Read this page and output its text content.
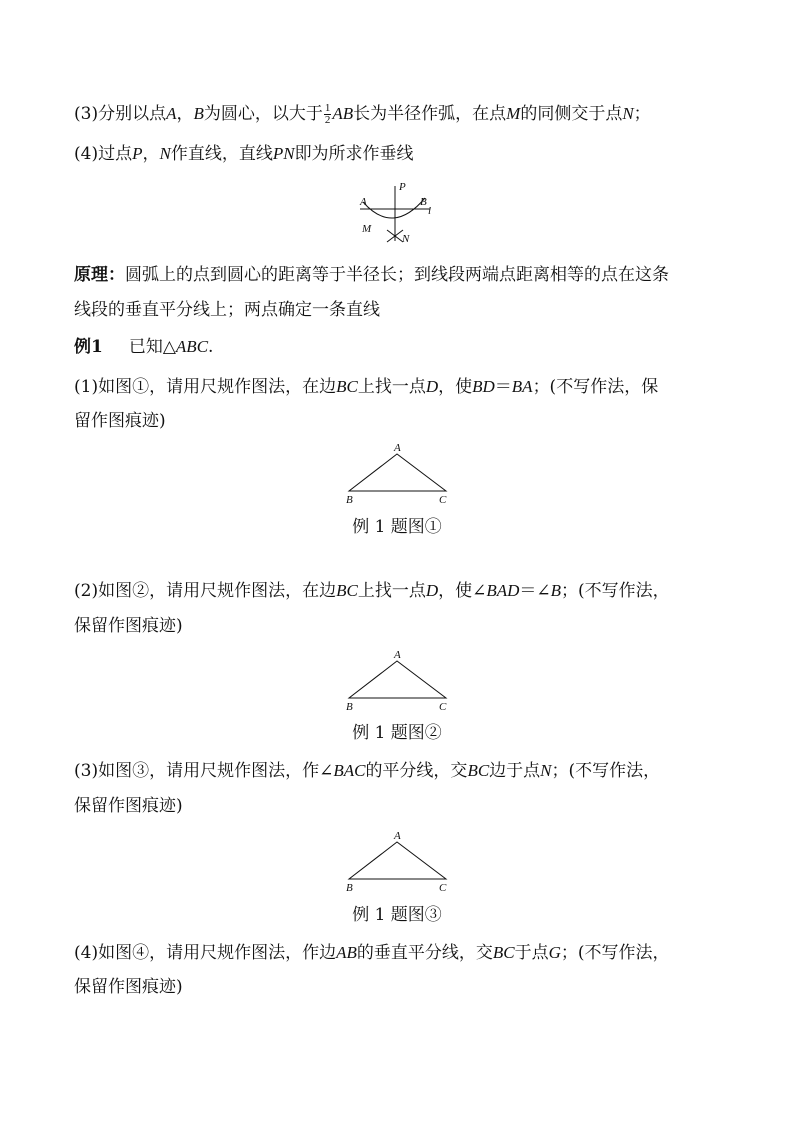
(3)分别以点A，B为圆心，以大于 $\frac{1}{2}$ AB长为半径作弧，在点M的同侧交于点N；
(4)过点P，N作直线，直线PN即为所求作垂线
P
A	B
l
M
N
原理：圆弧上的点到圆心的距离等于半径长；到线段两端点距离相等的点在这条
线段的垂直平分线上；两点确定一条直线
例1 已知△ABC.
(1)如图①，请用尺规作图法，在边BC上找一点D，使BD＝BA；(不写作法，保
留作图痕迹)
A
B	C
例 1 题图①
(2)如图②，请用尺规作图法，在边BC上找一点D，使∠BAD＝∠B；(不写作法，
保留作图痕迹)
A
B	C
例 1 题图②
(3)如图③，请用尺规作图法，作∠BAC的平分线，交BC边于点N；(不写作法，
保留作图痕迹)
A
B	C
例 1 题图③
(4)如图④，请用尺规作图法，作边AB的垂直平分线，交BC于点G；(不写作法，
保留作图痕迹)
